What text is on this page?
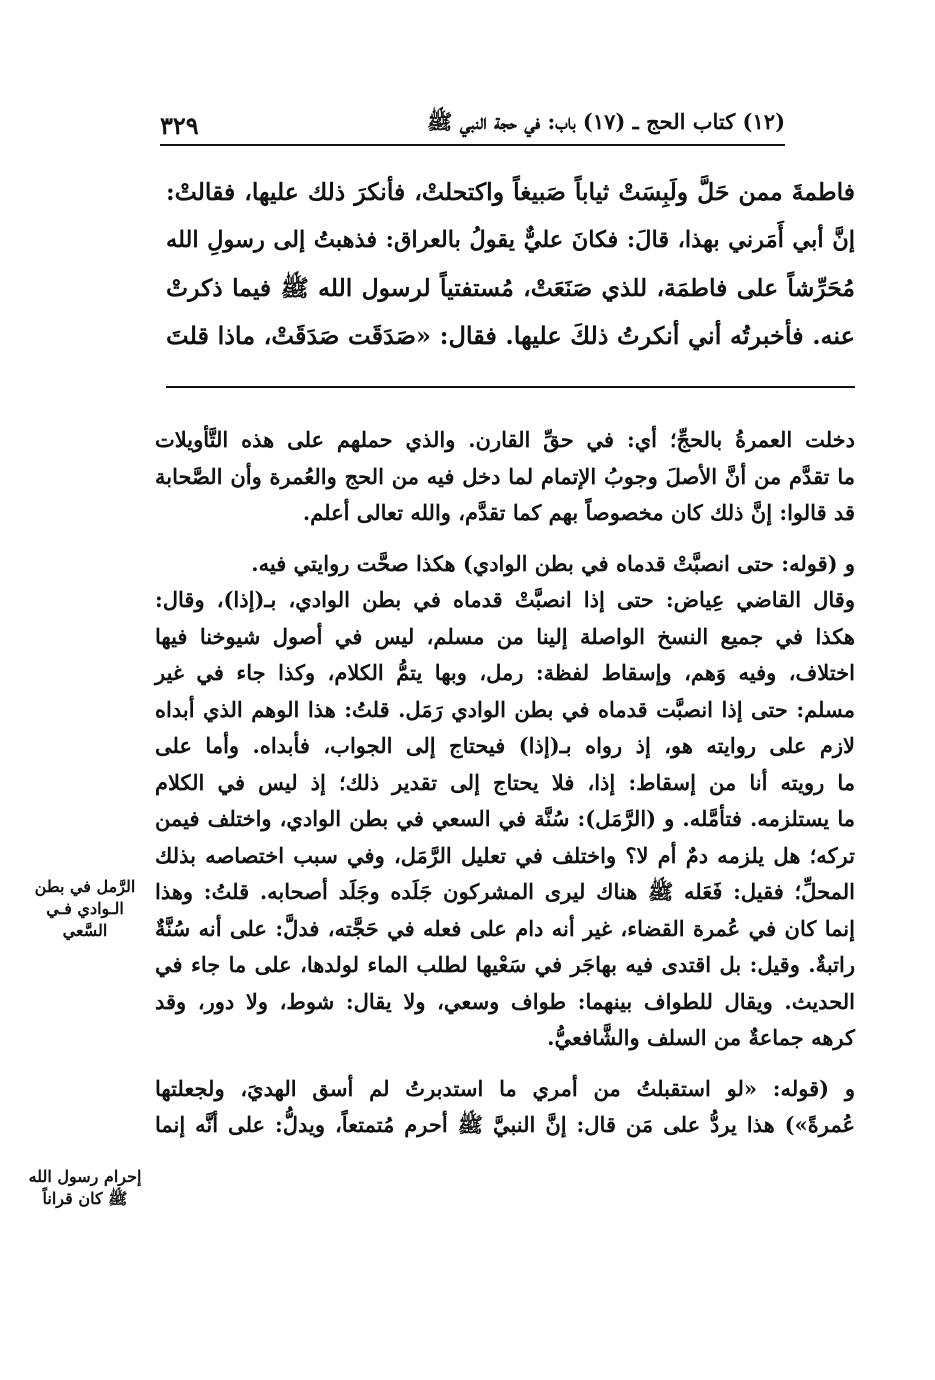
(١٢) كتاب الحج ـ (١٧) باب: في حجة النبي ﷺ
٣٢٩
فاطمةَ ممن حَلَّ ولَبِسَتْ ثياباً صَبيغاً واكتحلتْ، فأنكرَ ذلك عليها، فقالتْ:
إنَّ أبي أَمَرني بهذا، قالَ: فكانَ عليٌّ يقولُ بالعراق: فذهبتُ إلى رسولِ الله
مُحَرِّشاً على فاطمَة، للذي صَنَعَتْ، مُستفتياً لرسول الله ﷺ فيما ذكرتْ
عنه. فأخبرتُه أني أنكرتُ ذلكَ عليها. فقال: «صَدَقَت صَدَقَتْ، ماذا قلتَ
دخلت العمرةُ بالحجِّ؛ أي: في حقِّ القارن. والذي حملهم على هذه التَّأويلات
ما تقدَّم من أنَّ الأصلَ وجوبُ الإتمام لما دخل فيه من الحج والعُمرة وأن الصَّحابة
قد قالوا: إنَّ ذلك كان مخصوصاً بهم كما تقدَّم، والله تعالى أعلم.
و (قوله: حتى انصبَّتْ قدماه في بطن الوادي) هكذا صحَّت روايتي فيه.
وقال القاضي عِياض: حتى إذا انصبَّتْ قدماه في بطن الوادي، بـ(إذا)، وقال:
هكذا في جميع النسخ الواصلة إلينا من مسلم، ليس في أصول شيوخنا فيها
اختلاف، وفيه وَهم، وإسقاط لفظة: رمل، وبها يتمُّ الكلام، وكذا جاء في غير
مسلم: حتى إذا انصبَّت قدماه في بطن الوادي رَمَل. قلتُ: هذا الوهم الذي أبداه
لازم على روايته هو، إذ رواه بـ(إذا) فيحتاج إلى الجواب، فأبداه. وأما على
ما رويته أنا من إسقاط: إذا، فلا يحتاج إلى تقدير ذلك؛ إذ ليس في الكلام
ما يستلزمه. فتأمَّله. و (الرَّمَل): سُنَّة في السعي في بطن الوادي، واختلف فيمن
تركه؛ هل يلزمه دمٌ أم لا؟ واختلف في تعليل الرَّمَل، وفي سبب اختصاصه بذلك
المحلِّ؛ فقيل: فَعَله ﷺ هناك ليرى المشركون جَلَده وجَلَد أصحابه. قلتُ: وهذا
إنما كان في عُمرة القضاء، غير أنه دام على فعله في حَجَّته، فدلَّ: على أنه سُنَّةٌ
راتبةٌ. وقيل: بل اقتدى فيه بهاجَر في سَعْيها لطلب الماء لولدها، على ما جاء في
الحديث. ويقال للطواف بينهما: طواف وسعي، ولا يقال: شوط، ولا دور، وقد
كرهه جماعةٌ من السلف والشَّافعيُّ.
و (قوله: «لو استقبلتُ من أمري ما استدبرتُ لم أسق الهديَ، ولجعلتها
عُمرةً») هذا يردُّ على مَن قال: إنَّ النبيَّ ﷺ أحرم مُتمتعاً، ويدلُّ: على أنَّه إنما
الرَّمل في بطن
الـوادي فـي
السَّعي
إحرام رسول الله
ﷺ كان قراناً
